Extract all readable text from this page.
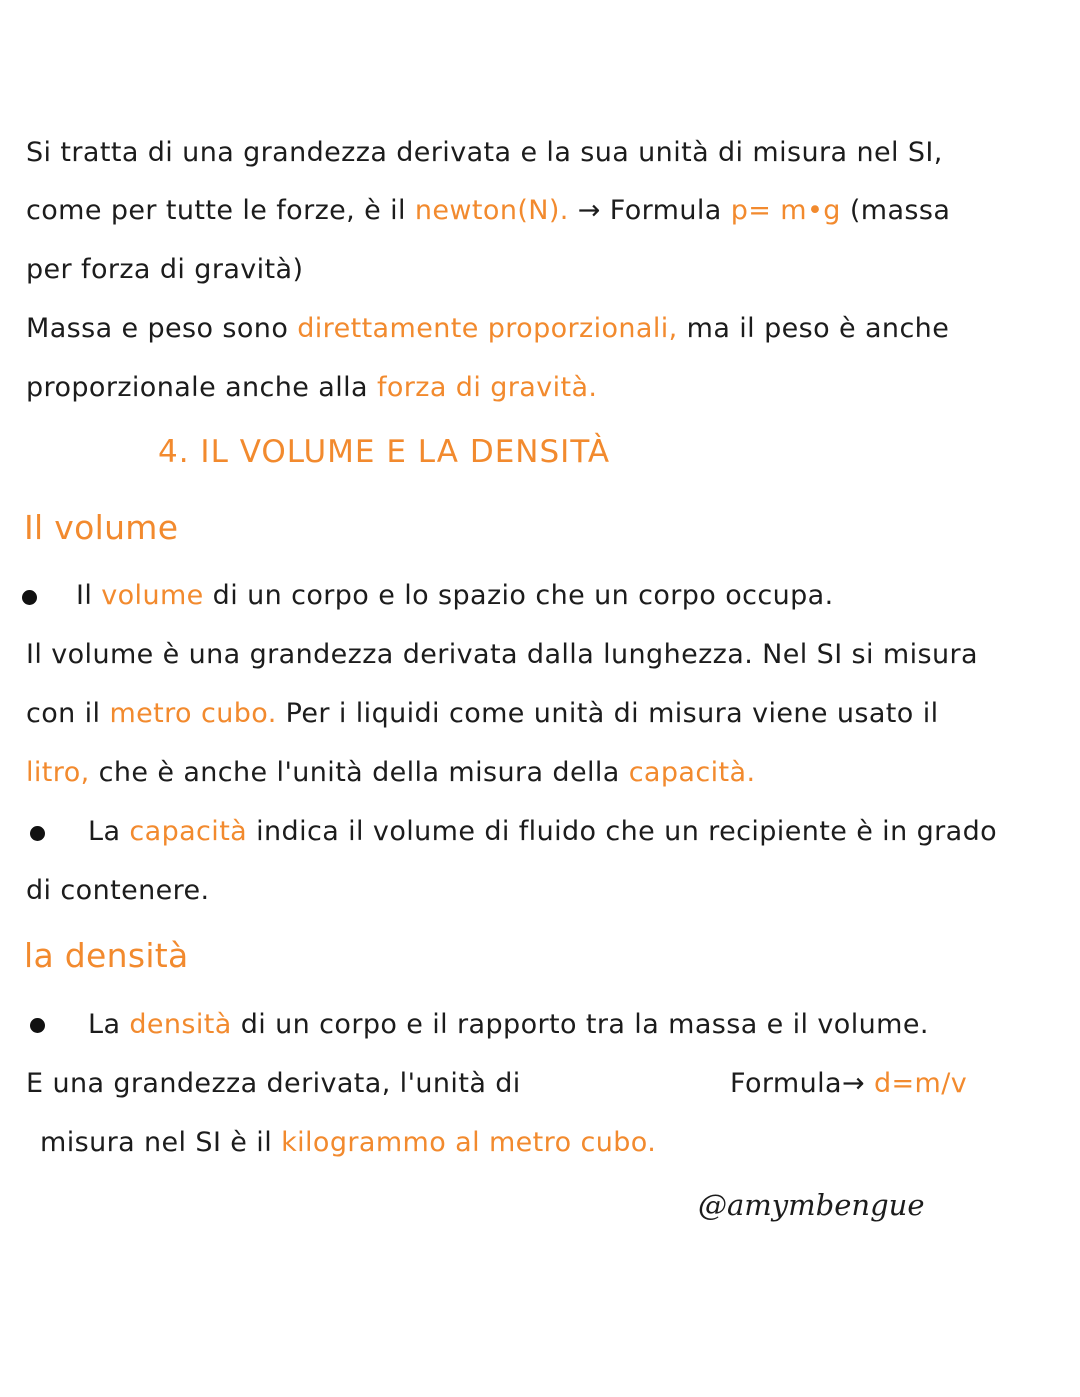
Si tratta di una grandezza derivata e la sua unità di misura nel SI,
come per tutte le forze, è il newton(N). → Formula p= m•g (massa
per forza di gravità)
Massa e peso sono direttamente proporzionali, ma il peso è anche
proporzionale anche alla forza di gravità.
4. IL VOLUME E LA DENSITÀ
Il volume
Il volume di un corpo e lo spazio che un corpo occupa.
Il volume è una grandezza derivata dalla lunghezza. Nel SI si misura
con il metro cubo. Per i liquidi come unità di misura viene usato il
litro, che è anche l'unità della misura della capacità.
La capacità indica il volume di fluido che un recipiente è in grado
di contenere.
la densità
La densità di un corpo e il rapporto tra la massa e il volume.
E una grandezza derivata, l'unità di	Formula→ d=m/v
misura nel SI è il kilogrammo al metro cubo.
@amymbengue
